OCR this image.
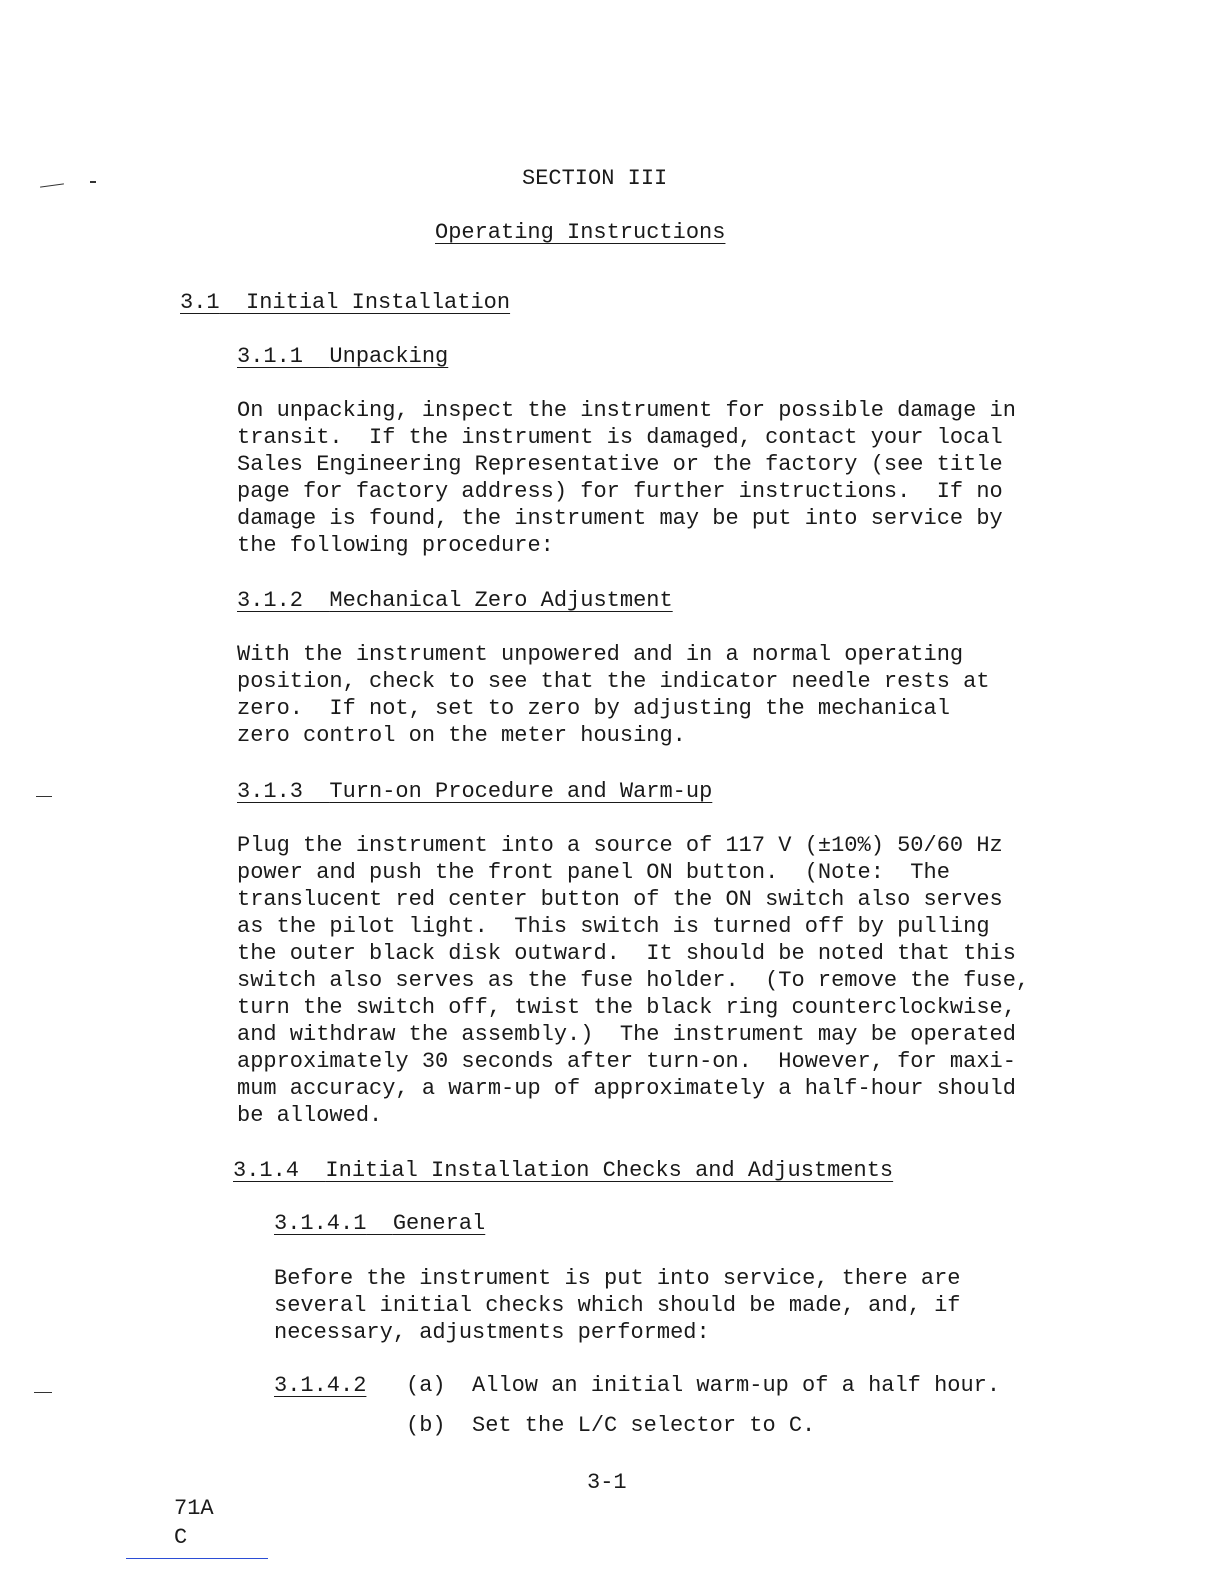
SECTION III
Operating Instructions
3.1 Initial Installation
3.1.1 Unpacking
On unpacking, inspect the instrument for possible damage in
transit.  If the instrument is damaged, contact your local
Sales Engineering Representative or the factory (see title
page for factory address) for further instructions.  If no
damage is found, the instrument may be put into service by
the following procedure:
3.1.2 Mechanical Zero Adjustment
With the instrument unpowered and in a normal operating
position, check to see that the indicator needle rests at
zero.  If not, set to zero by adjusting the mechanical
zero control on the meter housing.
3.1.3 Turn-on Procedure and Warm-up
Plug the instrument into a source of 117 V (±10%) 50/60 Hz
power and push the front panel ON button.  (Note:  The
translucent red center button of the ON switch also serves
as the pilot light.  This switch is turned off by pulling
the outer black disk outward.  It should be noted that this
switch also serves as the fuse holder.  (To remove the fuse,
turn the switch off, twist the black ring counterclockwise,
and withdraw the assembly.)  The instrument may be operated
approximately 30 seconds after turn-on.  However, for maxi-
mum accuracy, a warm-up of approximately a half-hour should
be allowed.
3.1.4 Initial Installation Checks and Adjustments
3.1.4.1 General
Before the instrument is put into service, there are
several initial checks which should be made, and, if
necessary, adjustments performed:
3.1.4.2 (a) Allow an initial warm-up of a half hour.
(b) Set the L/C selector to C.
3-1
71A
C
